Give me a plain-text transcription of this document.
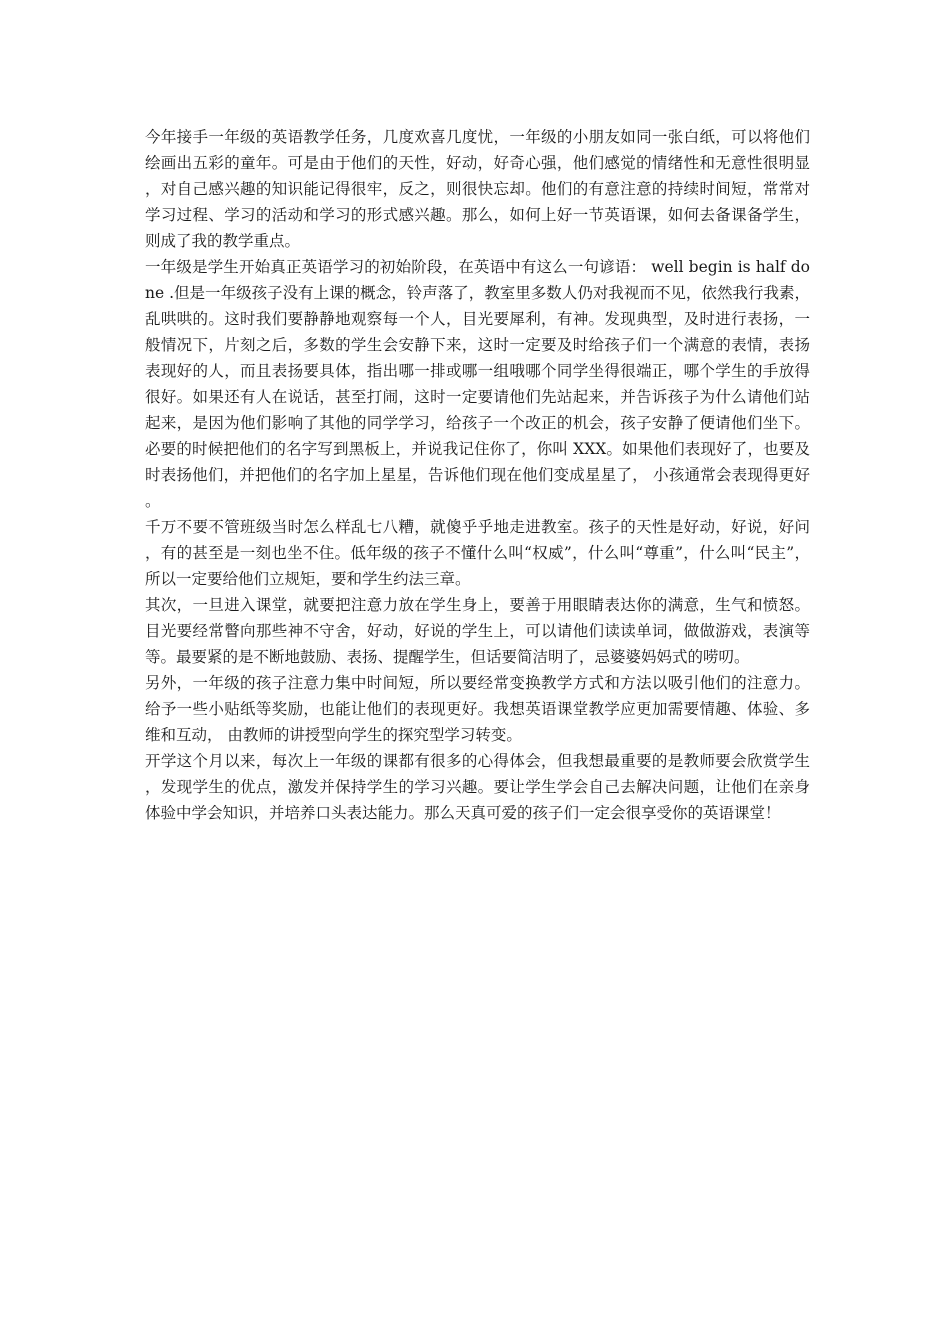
今年接手一年级的英语教学任务，几度欢喜几度忧，一年级的小朋友如同一张白纸，可以将他们绘画出五彩的童年。可是由于他们的天性，好动，好奇心强，他们感觉的情绪性和无意性很明显，对自己感兴趣的知识能记得很牢，反之，则很快忘却。他们的有意注意的持续时间短，常常对学习过程、学习的活动和学习的形式感兴趣。那么，如何上好一节英语课，如何去备课备学生，则成了我的教学重点。

一年级是学生开始真正英语学习的初始阶段，在英语中有这么一句谚语： well begin is half done .但是一年级孩子没有上课的概念，铃声落了，教室里多数人仍对我视而不见，依然我行我素，乱哄哄的。这时我们要静静地观察每一个人，目光要犀利，有神。发现典型，及时进行表扬，一般情况下，片刻之后，多数的学生会安静下来，这时一定要及时给孩子们一个满意的表情，表扬表现好的人，而且表扬要具体，指出哪一排或哪一组哦哪个同学坐得很端正，哪个学生的手放得很好。如果还有人在说话，甚至打闹，这时一定要请他们先站起来，并告诉孩子为什么请他们站起来，是因为他们影响了其他的同学学习，给孩子一个改正的机会，孩子安静了便请他们坐下。必要的时候把他们的名字写到黑板上，并说我记住你了，你叫 XXX。如果他们表现好了，也要及时表扬他们，并把他们的名字加上星星，告诉他们现在他们变成星星了， 小孩通常会表现得更好。

千万不要不管班级当时怎么样乱七八糟，就傻乎乎地走进教室。孩子的天性是好动，好说，好问，有的甚至是一刻也坐不住。低年级的孩子不懂什么叫“权威”，什么叫“尊重”，什么叫“民主”， 所以一定要给他们立规矩，要和学生约法三章。

其次，一旦进入课堂，就要把注意力放在学生身上，要善于用眼睛表达你的满意，生气和愤怒。目光要经常瞥向那些神不守舍，好动，好说的学生上，可以请他们读读单词，做做游戏，表演等等。最要紧的是不断地鼓励、表扬、提醒学生，但话要简洁明了，忌婆婆妈妈式的唠叨。

另外，一年级的孩子注意力集中时间短，所以要经常变换教学方式和方法以吸引他们的注意力。给予一些小贴纸等奖励，也能让他们的表现更好。我想英语课堂教学应更加需要情趣、体验、多维和互动， 由教师的讲授型向学生的探究型学习转变。

开学这个月以来，每次上一年级的课都有很多的心得体会，但我想最重要的是教师要会欣赏学生，发现学生的优点，激发并保持学生的学习兴趣。要让学生学会自己去解决问题，让他们在亲身体验中学会知识，并培养口头表达能力。那么天真可爱的孩子们一定会很享受你的英语课堂！
